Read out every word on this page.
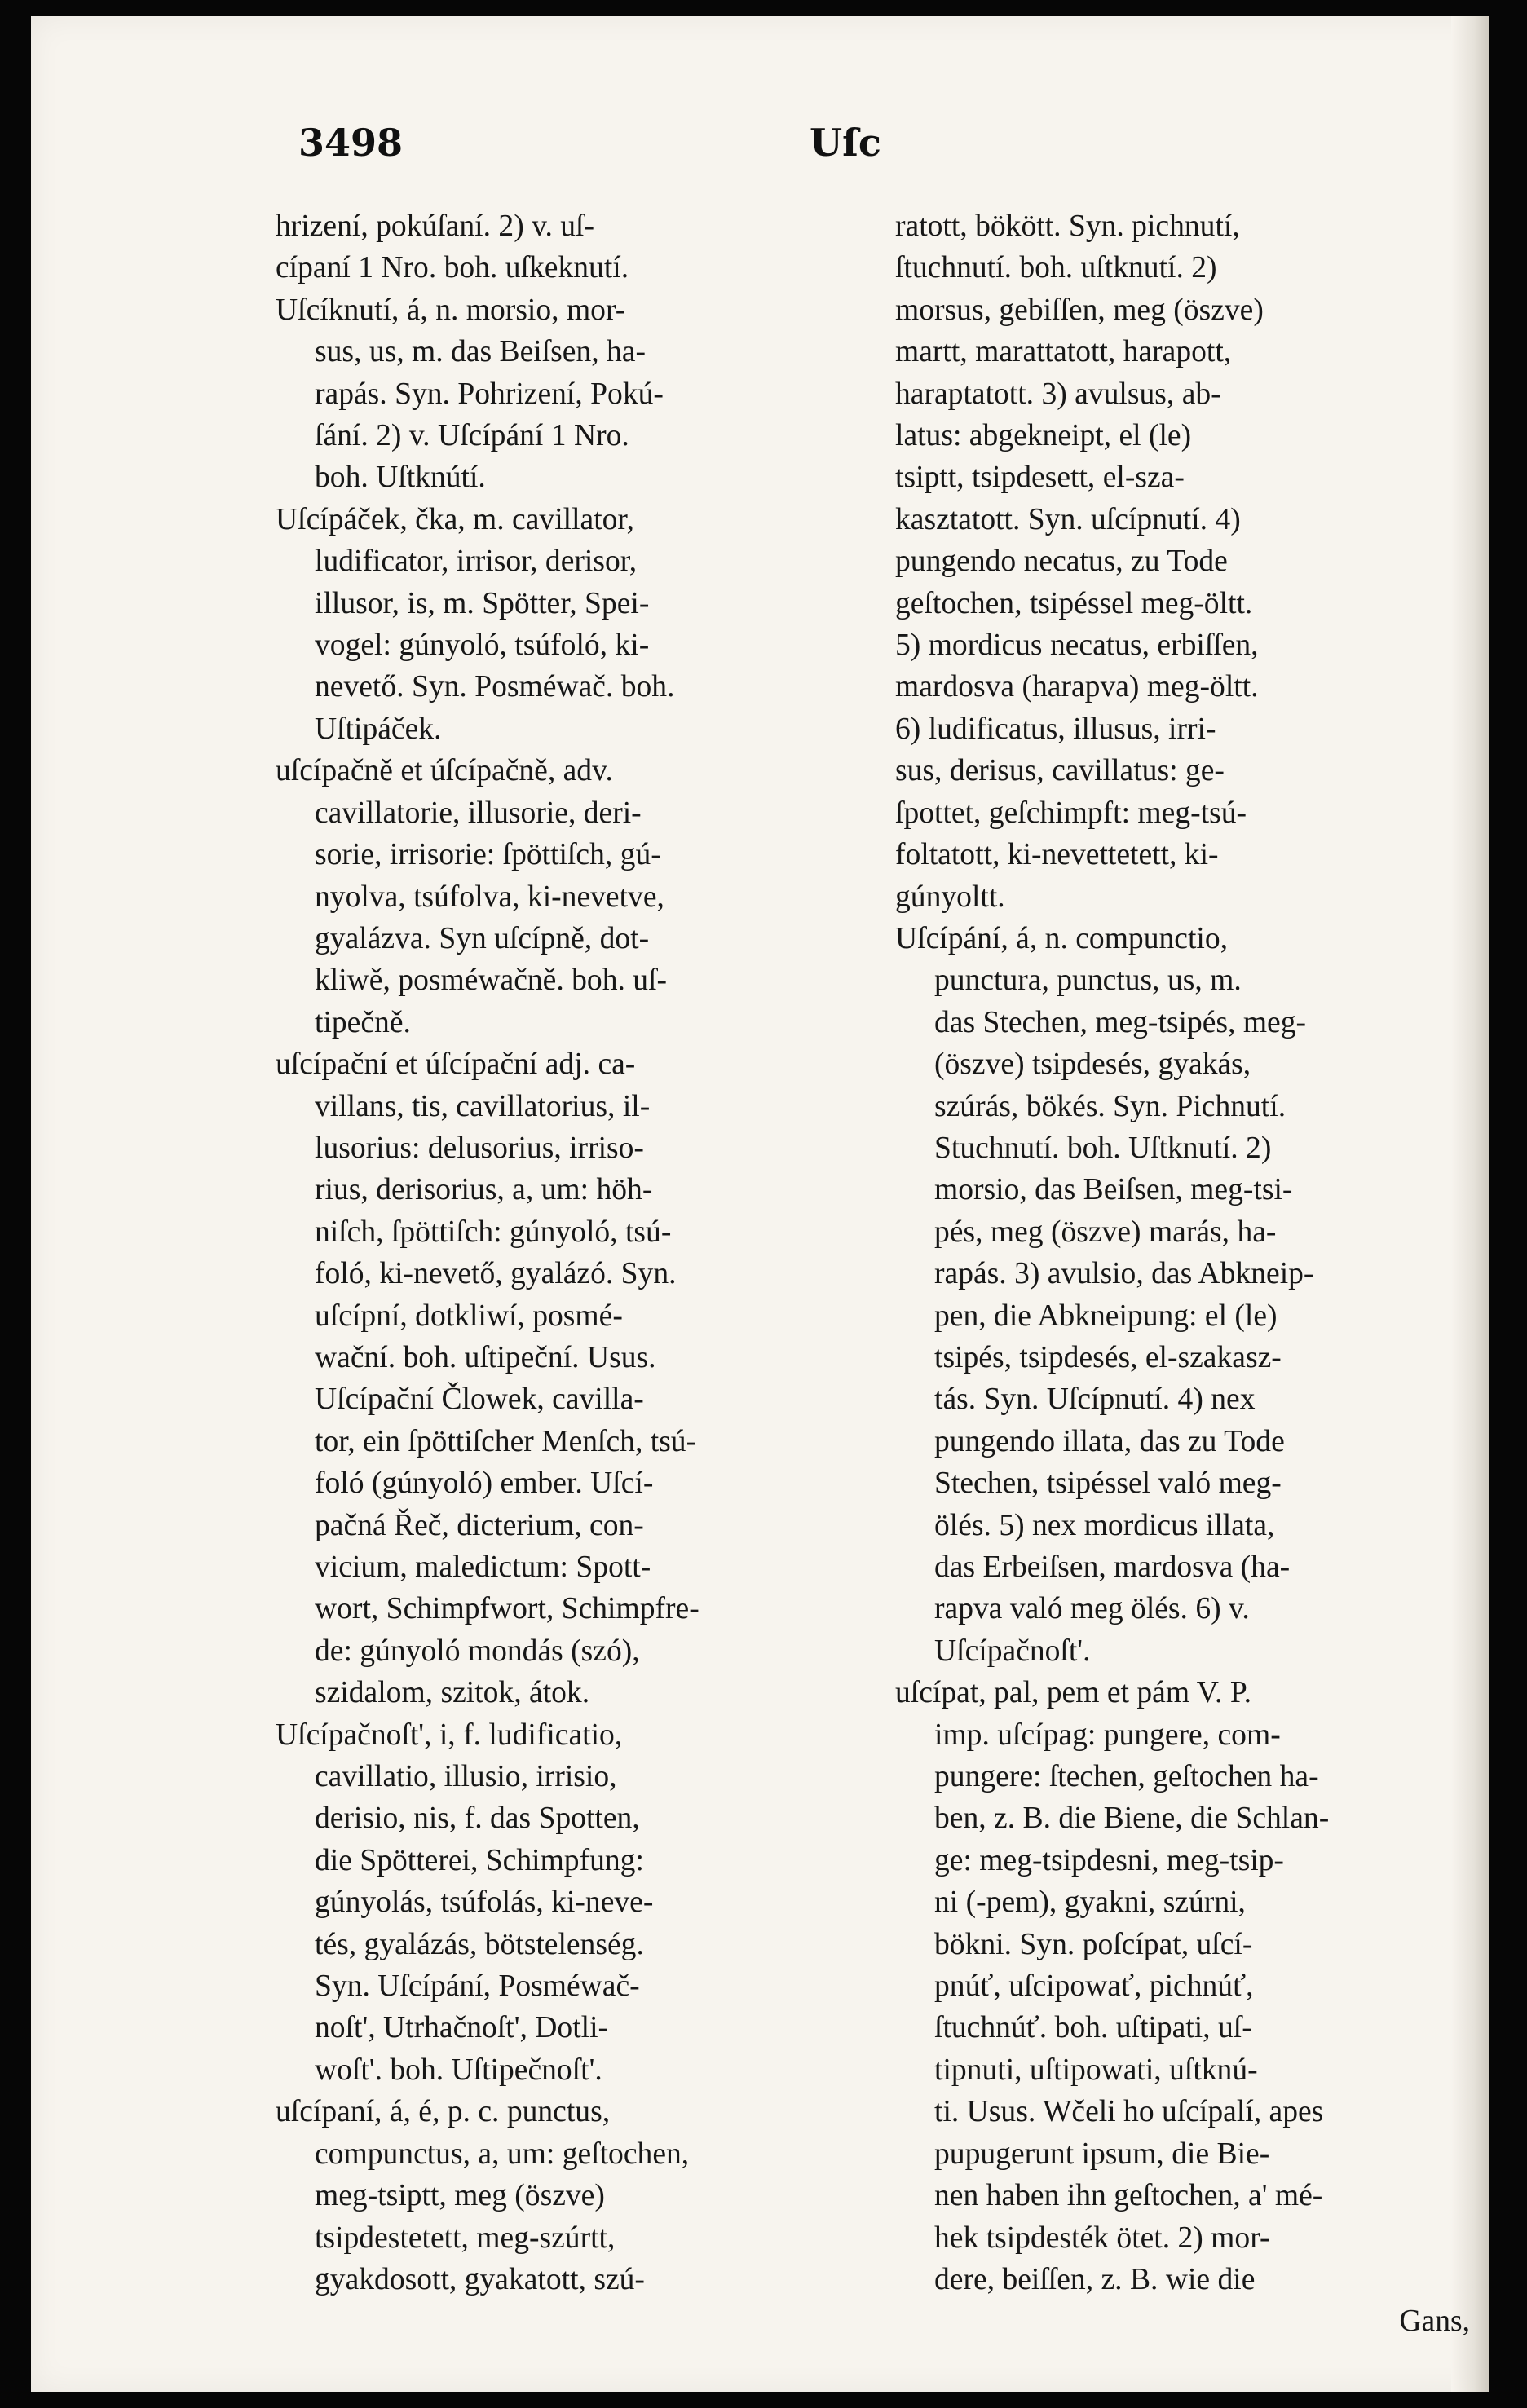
3498	Uſc
hrizení, pokúſaní. 2) v. uſ-
cípaní 1 Nro. boh. uſkeknutí.
Uſcíknutí, á, n. morsio, mor-
sus, us, m. das Beiſsen, ha-
rapás. Syn. Pohrizení, Pokú-
ſání. 2) v. Uſcípání 1 Nro.
boh. Uſtknútí.
Uſcípáček, čka, m. cavillator,
ludificator, irrisor, derisor,
illusor, is, m. Spötter, Spei-
vogel: gúnyoló, tsúfoló, ki-
nevető. Syn. Posméwač. boh.
Uſtipáček.
uſcípačně et úſcípačně, adv.
cavillatorie, illusorie, deri-
sorie, irrisorie: ſpöttiſch, gú-
nyolva, tsúfolva, ki-nevetve,
gyalázva. Syn uſcípně, dot-
kliwě, posméwačně. boh. uſ-
tipečně.
uſcípační et úſcípační adj. ca-
villans, tis, cavillatorius, il-
lusorius: delusorius, irriso-
rius, derisorius, a, um: höh-
niſch, ſpöttiſch: gúnyoló, tsú-
foló, ki-nevető, gyalázó. Syn.
uſcípní, dotkliwí, posmé-
wační. boh. uſtipeční. Usus.
Uſcípační Člowek, cavilla-
tor, ein ſpöttiſcher Menſch, tsú-
foló (gúnyoló) ember. Uſcí-
pačná Řeč, dicterium, con-
vicium, maledictum: Spott-
wort, Schimpfwort, Schimpfre-
de: gúnyoló mondás (szó),
szidalom, szitok, átok.
Uſcípačnoſt', i, f. ludificatio,
cavillatio, illusio, irrisio,
derisio, nis, f. das Spotten,
die Spötterei, Schimpfung:
gúnyolás, tsúfolás, ki-neve-
tés, gyalázás, bötstelenség.
Syn. Uſcípání, Posméwač-
noſt', Utrhačnoſt', Dotli-
woſt'. boh. Uſtipečnoſt'.
uſcípaní, á, é, p. c. punctus,
compunctus, a, um: geſtochen,
meg-tsiptt, meg (öszve)
tsipdestetett, meg-szúrtt,
gyakdosott, gyakatott, szú-
ratott, bökött. Syn. pichnutí,
ſtuchnutí. boh. uſtknutí. 2)
morsus, gebiſſen, meg (öszve)
martt, marattatott, harapott,
haraptatott. 3) avulsus, ab-
latus: abgekneipt, el (le)
tsiptt, tsipdesett, el-sza-
kasztatott. Syn. uſcípnutí. 4)
pungendo necatus, zu Tode
geſtochen, tsipéssel meg-öltt.
5) mordicus necatus, erbiſſen,
mardosva (harapva) meg-öltt.
6) ludificatus, illusus, irri-
sus, derisus, cavillatus: ge-
ſpottet, geſchimpft: meg-tsú-
foltatott, ki-nevettetett, ki-
gúnyoltt.
Uſcípání, á, n. compunctio,
punctura, punctus, us, m.
das Stechen, meg-tsipés, meg-
(öszve) tsipdesés, gyakás,
szúrás, bökés. Syn. Pichnutí.
Stuchnutí. boh. Uſtknutí. 2)
morsio, das Beiſsen, meg-tsi-
pés, meg (öszve) marás, ha-
rapás. 3) avulsio, das Abkneip-
pen, die Abkneipung: el (le)
tsipés, tsipdesés, el-szakasz-
tás. Syn. Uſcípnutí. 4) nex
pungendo illata, das zu Tode
Stechen, tsipéssel való meg-
ölés. 5) nex mordicus illata,
das Erbeiſsen, mardosva (ha-
rapva való meg ölés. 6) v.
Uſcípačnoſt'.
uſcípat, pal, pem et pám V. P.
imp. uſcípag: pungere, com-
pungere: ſtechen, geſtochen ha-
ben, z. B. die Biene, die Schlan-
ge: meg-tsipdesni, meg-tsip-
ni (-pem), gyakni, szúrni,
bökni. Syn. poſcípat, uſcí-
pnúť, uſcipowať, pichnúť,
ſtuchnúť. boh. uſtipati, uſ-
tipnuti, uſtipowati, uſtknú-
ti. Usus. Wčeli ho uſcípalí, apes
pupugerunt ipsum, die Bie-
nen haben ihn geſtochen, a' mé-
hek tsipdesték ötet. 2) mor-
dere, beiſſen, z. B. wie die
Gans,
